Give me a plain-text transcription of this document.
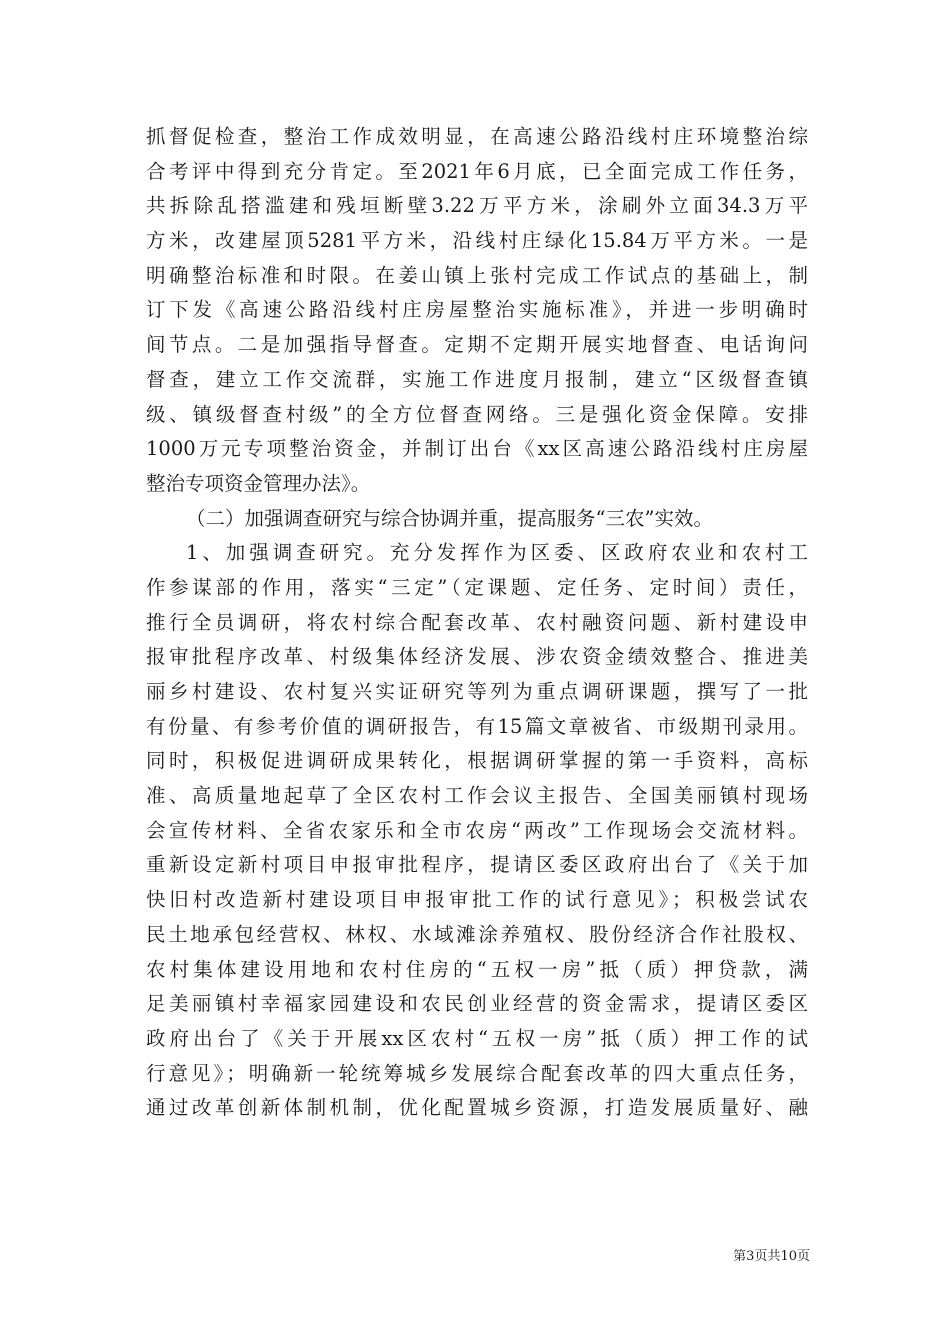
抓督促检查，整治工作成效明显，在高速公路沿线村庄环境整治综
合考评中得到充分肯定。至2021年6月底，已全面完成工作任务，
共拆除乱搭滥建和残垣断壁3.22万平方米，涂刷外立面34.3万平
方米，改建屋顶5281平方米，沿线村庄绿化15.84万平方米。一是
明确整治标准和时限。在姜山镇上张村完成工作试点的基础上，制
订下发《高速公路沿线村庄房屋整治实施标准》，并进一步明确时
间节点。二是加强指导督查。定期不定期开展实地督查、电话询问
督查，建立工作交流群，实施工作进度月报制，建立“区级督查镇
级、镇级督查村级”的全方位督查网络。三是强化资金保障。安排
1000万元专项整治资金，并制订出台《xx区高速公路沿线村庄房屋
整治专项资金管理办法》。
（二）加强调查研究与综合协调并重，提高服务“三农”实效。
1、加强调查研究。充分发挥作为区委、区政府农业和农村工
作参谋部的作用，落实“三定”（定课题、定任务、定时间）责任，
推行全员调研，将农村综合配套改革、农村融资问题、新村建设申
报审批程序改革、村级集体经济发展、涉农资金绩效整合、推进美
丽乡村建设、农村复兴实证研究等列为重点调研课题，撰写了一批
有份量、有参考价值的调研报告，有15篇文章被省、市级期刊录用。
同时，积极促进调研成果转化，根据调研掌握的第一手资料，高标
准、高质量地起草了全区农村工作会议主报告、全国美丽镇村现场
会宣传材料、全省农家乐和全市农房“两改”工作现场会交流材料。
重新设定新村项目申报审批程序，提请区委区政府出台了《关于加
快旧村改造新村建设项目申报审批工作的试行意见》；积极尝试农
民土地承包经营权、林权、水域滩涂养殖权、股份经济合作社股权、
农村集体建设用地和农村住房的“五权一房”抵（质）押贷款，满
足美丽镇村幸福家园建设和农民创业经营的资金需求，提请区委区
政府出台了《关于开展xx区农村“五权一房”抵（质）押工作的试
行意见》；明确新一轮统筹城乡发展综合配套改革的四大重点任务，
通过改革创新体制机制，优化配置城乡资源，打造发展质量好、融
第3页共10页
